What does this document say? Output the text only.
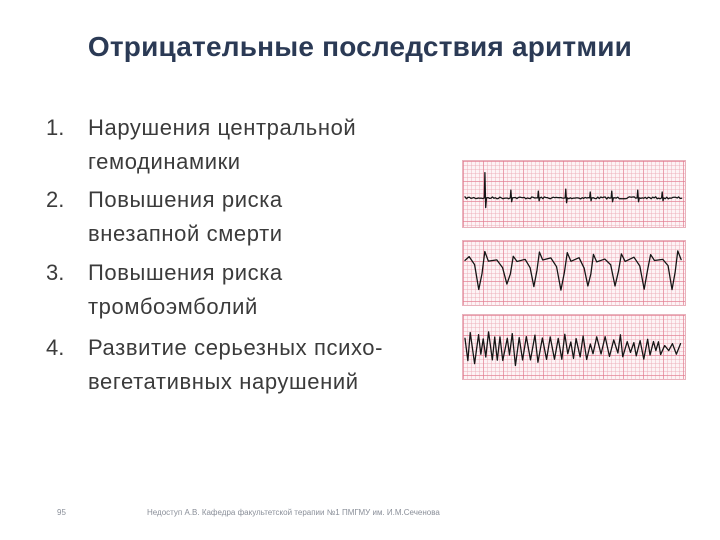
Отрицательные последствия аритмии
1. Нарушения центральной
гемодинамики
2. Повышения риска
внезапной смерти
3. Повышения риска
тромбоэмболий
4. Развитие серьезных психо-
вегетативных нарушений
95	Недоступ А.В. Кафедра факультетской терапии №1 ПМГМУ им. И.М.Сеченова
